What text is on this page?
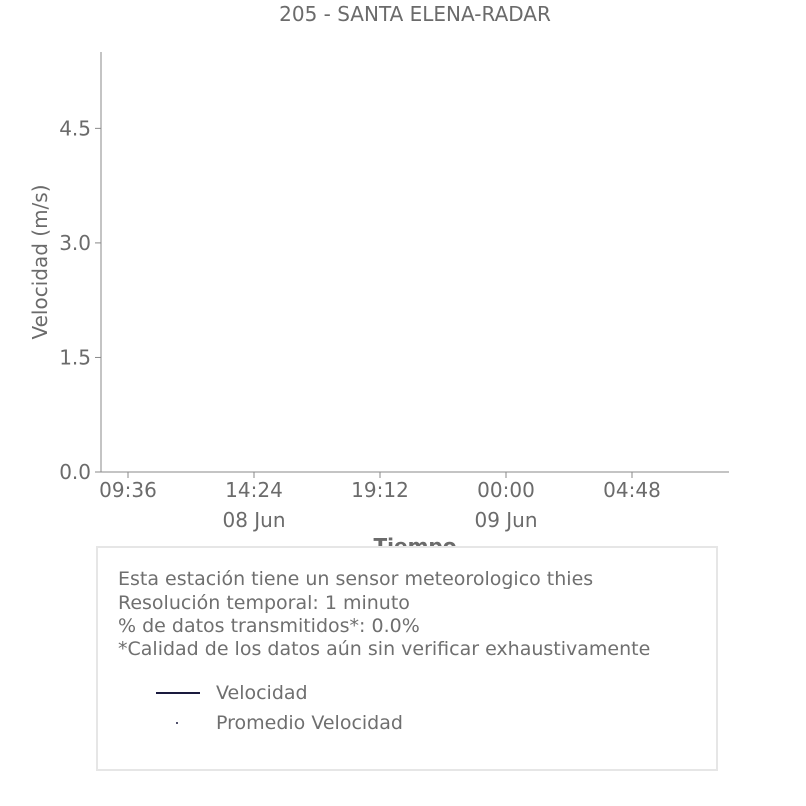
205 - SANTA ELENA-RADAR
0.0
1.5
3.0
4.5
09:36	14:24
08 Jun
19:12	00:00
09 Jun
04:48
Velocidad (m/s)
Esta estación tiene un sensor meteorologico thies
Resolución temporal: 1 minuto
% de datos transmitidos*: 0.0%
*Calidad de los datos aún sin verificar exhaustivamente
Velocidad
Promedio Velocidad
